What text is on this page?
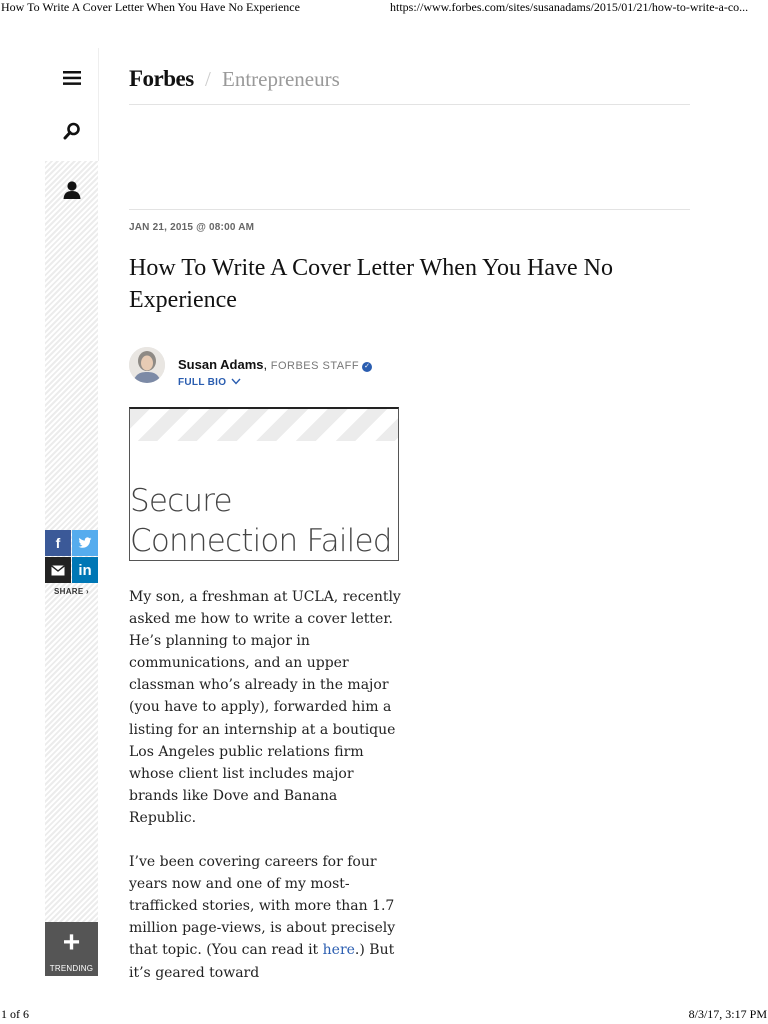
How To Write A Cover Letter When You Have No Experience	https://www.forbes.com/sites/susanadams/2015/01/21/how-to-write-a-co...
f
in
SHARE ›
+
TRENDING
Forbes / Entrepreneurs
JAN 21, 2015 @ 08:00 AM
How To Write A Cover Letter When You Have No Experience
Susan Adams, FORBES STAFF ✓
FULL BIO
Secure Connection Failed

My son, a freshman at UCLA, recently asked me how to write a cover letter. He’s planning to major in communications, and an upper classman who’s already in the major (you have to apply), forwarded him a listing for an internship at a boutique Los Angeles public relations firm whose client list includes major brands like Dove and Banana Republic.

I’ve been covering careers for four years now and one of my most-trafficked stories, with more than 1.7 million page-views, is about precisely that topic. (You can read it here.) But it’s geared toward

1 of 6	8/3/17, 3:17 PM
